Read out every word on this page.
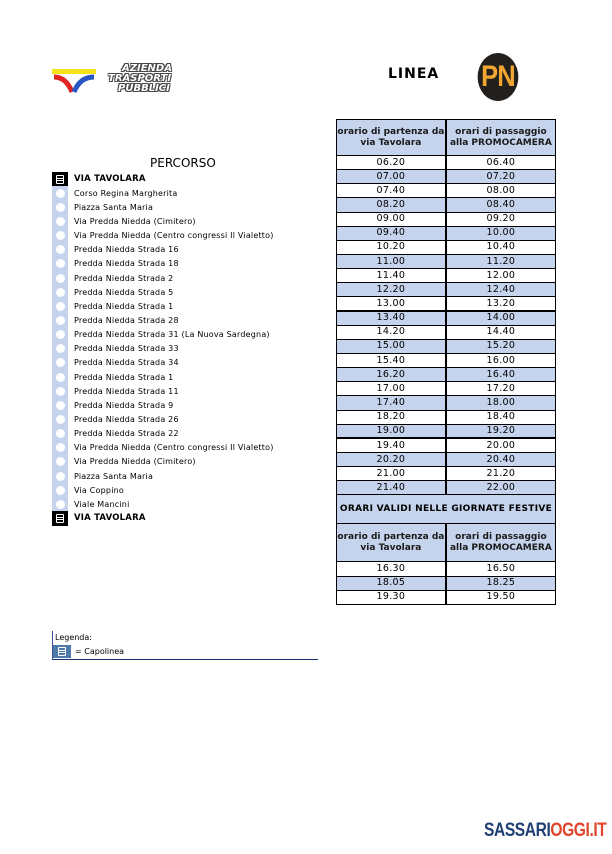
AZIENDA
TRASPORTI
PUBBLICI
LINEA PN
PERCORSO
VIA TAVOLARA
Corso Regina Margherita
Piazza Santa Maria
Via Predda Niedda (Cimitero)
Via Predda Niedda (Centro congressi Il Vialetto)
Predda Niedda Strada 16
Predda Niedda Strada 18
Predda Niedda Strada 2
Predda Niedda Strada 5
Predda Niedda Strada 1
Predda Niedda Strada 28
Predda Niedda Strada 31 (La Nuova Sardegna)
Predda Niedda Strada 33
Predda Niedda Strada 34
Predda Niedda Strada 1
Predda Niedda Strada 11
Predda Niedda Strada 9
Predda Niedda Strada 26
Predda Niedda Strada 22
Via Predda Niedda (Centro congressi Il Vialetto)
Via Predda Niedda (Cimitero)
Piazza Santa Maria
Via Coppino
Viale Mancini
VIA TAVOLARA
orario di partenza da via Tavolara	orari di passaggio alla PROMOCAMERA
06.20	06.40
07.00	07.20
07.40	08.00
08.20	08.40
09.00	09.20
09.40	10.00
10.20	10.40
11.00	11.20
11.40	12.00
12.20	12.40
13.00	13.20
13.40	14.00
14.20	14.40
15.00	15.20
15.40	16.00
16.20	16.40
17.00	17.20
17.40	18.00
18.20	18.40
19.00	19.20
19.40	20.00
20.20	20.40
21.00	21.20
21.40	22.00
ORARI VALIDI NELLE GIORNATE FESTIVE	
orario di partenza da via Tavolara	orari di passaggio alla PROMOCAMERA
16.30	16.50
18.05	18.25
19.30	19.50
Legenda:
= Capolinea
SASSARIOGGI.IT
